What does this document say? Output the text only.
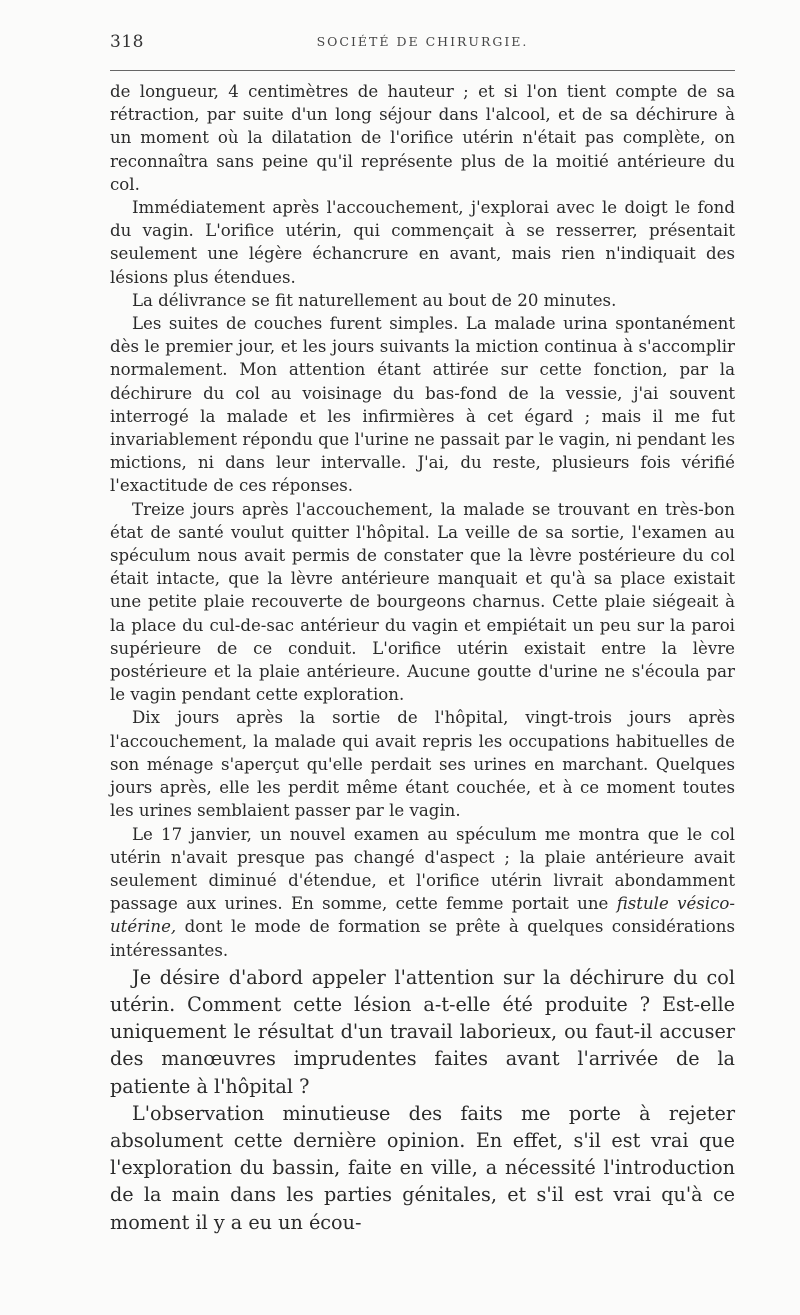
318	SOCIÉTÉ DE CHIRURGIE.

de longueur, 4 centimètres de hauteur ; et si l'on tient compte de sa rétraction, par suite d'un long séjour dans l'alcool, et de sa déchirure à un moment où la dilatation de l'orifice utérin n'était pas complète, on reconnaîtra sans peine qu'il représente plus de la moitié antérieure du col.

Immédiatement après l'accouchement, j'explorai avec le doigt le fond du vagin. L'orifice utérin, qui commençait à se resserrer, présentait seulement une légère échancrure en avant, mais rien n'indiquait des lésions plus étendues.

La délivrance se fit naturellement au bout de 20 minutes.

Les suites de couches furent simples. La malade urina spontanément dès le premier jour, et les jours suivants la miction continua à s'accomplir normalement. Mon attention étant attirée sur cette fonction, par la déchirure du col au voisinage du bas-fond de la vessie, j'ai souvent interrogé la malade et les infirmières à cet égard ; mais il me fut invariablement répondu que l'urine ne passait par le vagin, ni pendant les mictions, ni dans leur intervalle. J'ai, du reste, plusieurs fois vérifié l'exactitude de ces réponses.

Treize jours après l'accouchement, la malade se trouvant en très-bon état de santé voulut quitter l'hôpital. La veille de sa sortie, l'examen au spéculum nous avait permis de constater que la lèvre postérieure du col était intacte, que la lèvre antérieure manquait et qu'à sa place existait une petite plaie recouverte de bourgeons charnus. Cette plaie siégeait à la place du cul-de-sac antérieur du vagin et empiétait un peu sur la paroi supérieure de ce conduit. L'orifice utérin existait entre la lèvre postérieure et la plaie antérieure. Aucune goutte d'urine ne s'écoula par le vagin pendant cette exploration.

Dix jours après la sortie de l'hôpital, vingt-trois jours après l'accouchement, la malade qui avait repris les occupations habituelles de son ménage s'aperçut qu'elle perdait ses urines en marchant. Quelques jours après, elle les perdit même étant couchée, et à ce moment toutes les urines semblaient passer par le vagin.

Le 17 janvier, un nouvel examen au spéculum me montra que le col utérin n'avait presque pas changé d'aspect ; la plaie antérieure avait seulement diminué d'étendue, et l'orifice utérin livrait abondamment passage aux urines. En somme, cette femme portait une fistule vésico-utérine, dont le mode de formation se prête à quelques considérations intéressantes.

Je désire d'abord appeler l'attention sur la déchirure du col utérin. Comment cette lésion a-t-elle été produite ? Est-elle uniquement le résultat d'un travail laborieux, ou faut-il accuser des manœuvres imprudentes faites avant l'arrivée de la patiente à l'hôpital ?

L'observation minutieuse des faits me porte à rejeter absolument cette dernière opinion. En effet, s'il est vrai que l'exploration du bassin, faite en ville, a nécessité l'introduction de la main dans les parties génitales, et s'il est vrai qu'à ce moment il y a eu un écou-
